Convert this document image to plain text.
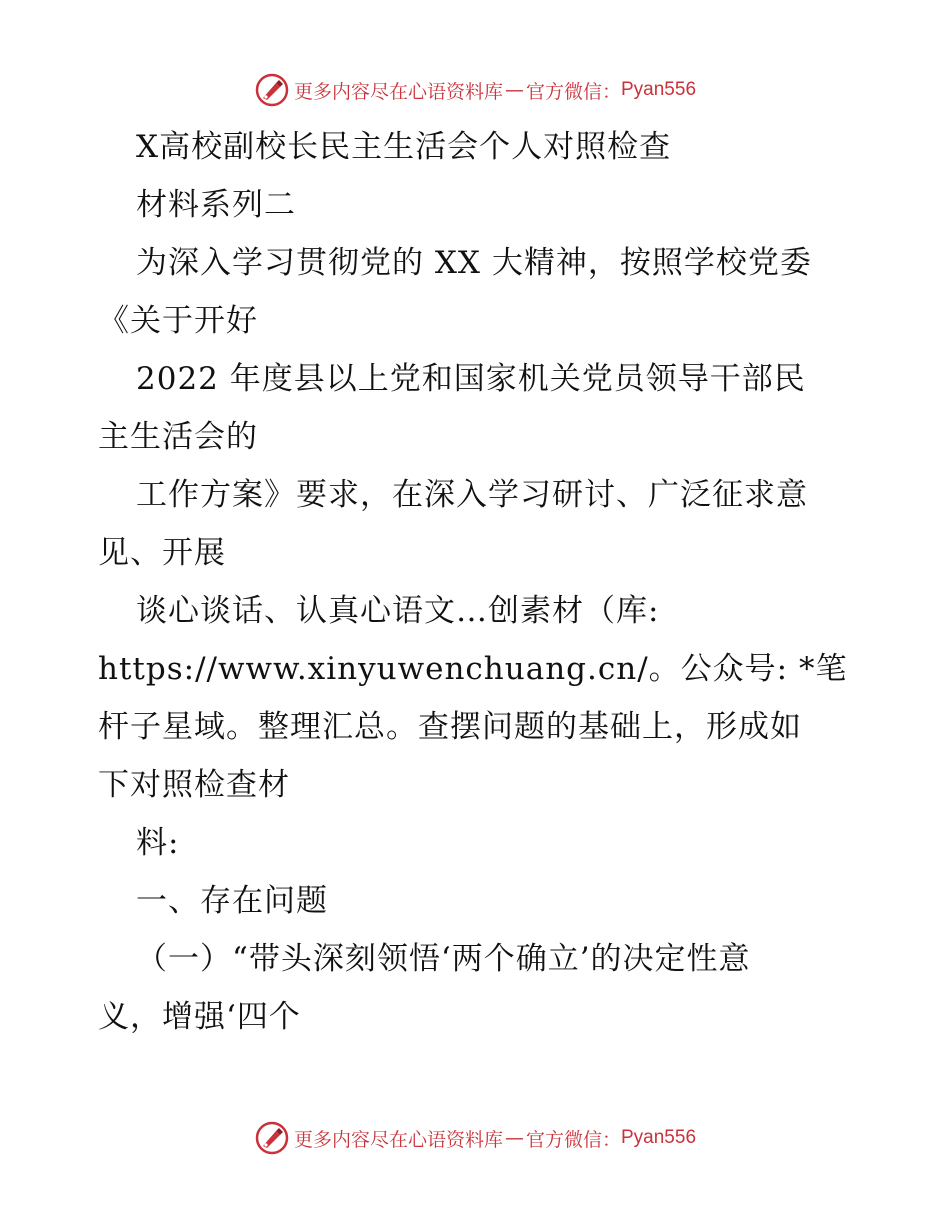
更多内容尽在心语资料库 — 官方微信： Pyan556
X高校副校长民主生活会个人对照检查
材料系列二
为深入学习贯彻党的 XX 大精神，按照学校党委
《关于开好
2022 年度县以上党和国家机关党员领导干部民
主生活会的
工作方案》要求，在深入学习研讨、广泛征求意
见、开展
谈心谈话、认真心语文…创素材（库:
https://www.xinyuwenchuang.cn/。公众号: *笔
杆子星域。整理汇总。查摆问题的基础上，形成如
下对照检查材
料:
一、存在问题
（一）“带头深刻领悟‘两个确立’的决定性意
义，增强‘四个
更多内容尽在心语资料库 — 官方微信： Pyan556
